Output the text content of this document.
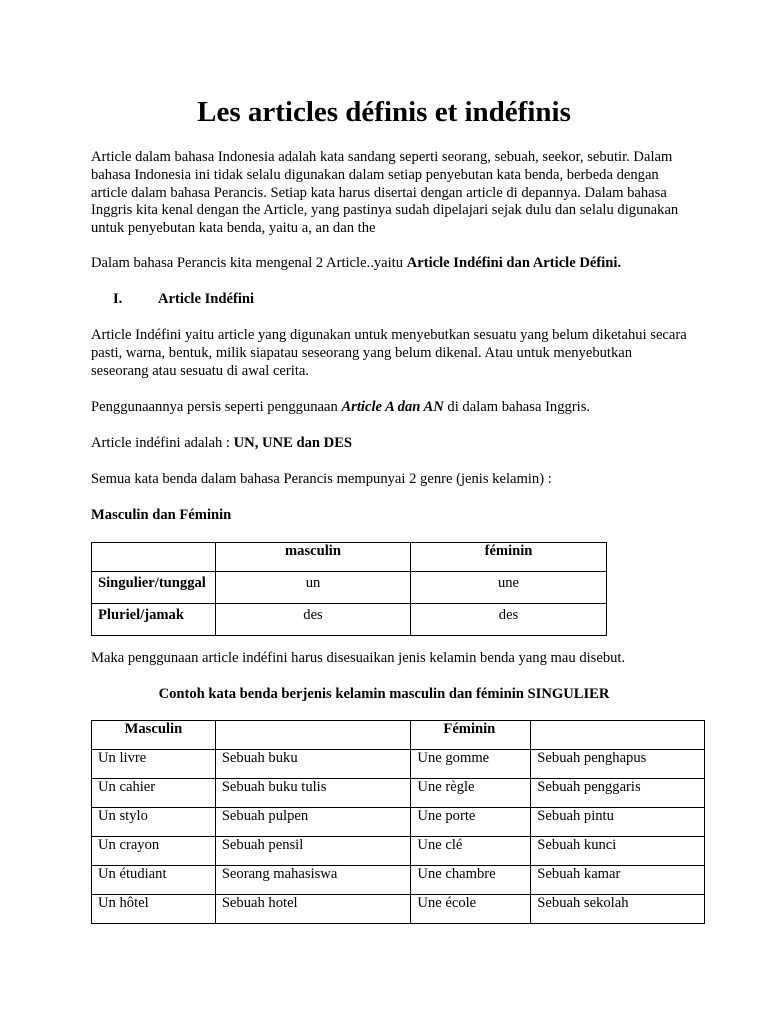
Les articles définis et indéfinis

Article dalam bahasa Indonesia adalah kata sandang seperti seorang, sebuah, seekor, sebutir. Dalam bahasa Indonesia ini tidak selalu digunakan dalam setiap penyebutan kata benda, berbeda dengan article dalam bahasa Perancis. Setiap kata harus disertai dengan article di depannya. Dalam bahasa Inggris kita kenal dengan the Article, yang pastinya sudah dipelajari sejak dulu dan selalu digunakan untuk penyebutan kata benda, yaitu a, an dan the

Dalam bahasa Perancis kita mengenal 2 Article..yaitu Article Indéfini dan Article Défini.

I. Article Indéfini

Article Indéfini yaitu article yang digunakan untuk menyebutkan sesuatu yang belum diketahui secara pasti, warna, bentuk, milik siapatau seseorang yang belum dikenal. Atau untuk menyebutkan seseorang atau sesuatu di awal cerita.

Penggunaannya persis seperti penggunaan Article A dan AN di dalam bahasa Inggris.

Article indéfini adalah : UN, UNE dan DES

Semua kata benda dalam bahasa Perancis mempunyai 2 genre (jenis kelamin) :

Masculin dan Féminin

	masculin	féminin
Singulier/tunggal	un	une
Pluriel/jamak	des	des

Maka penggunaan article indéfini harus disesuaikan jenis kelamin benda yang mau disebut.

Contoh kata benda berjenis kelamin masculin dan féminin SINGULIER

Masculin		Féminin	
Un livre	Sebuah buku	Une gomme	Sebuah penghapus
Un cahier	Sebuah buku tulis	Une règle	Sebuah penggaris
Un stylo	Sebuah pulpen	Une porte	Sebuah pintu
Un crayon	Sebuah pensil	Une clé	Sebuah kunci
Un étudiant	Seorang mahasiswa	Une chambre	Sebuah kamar
Un hôtel	Sebuah hotel	Une école	Sebuah sekolah
